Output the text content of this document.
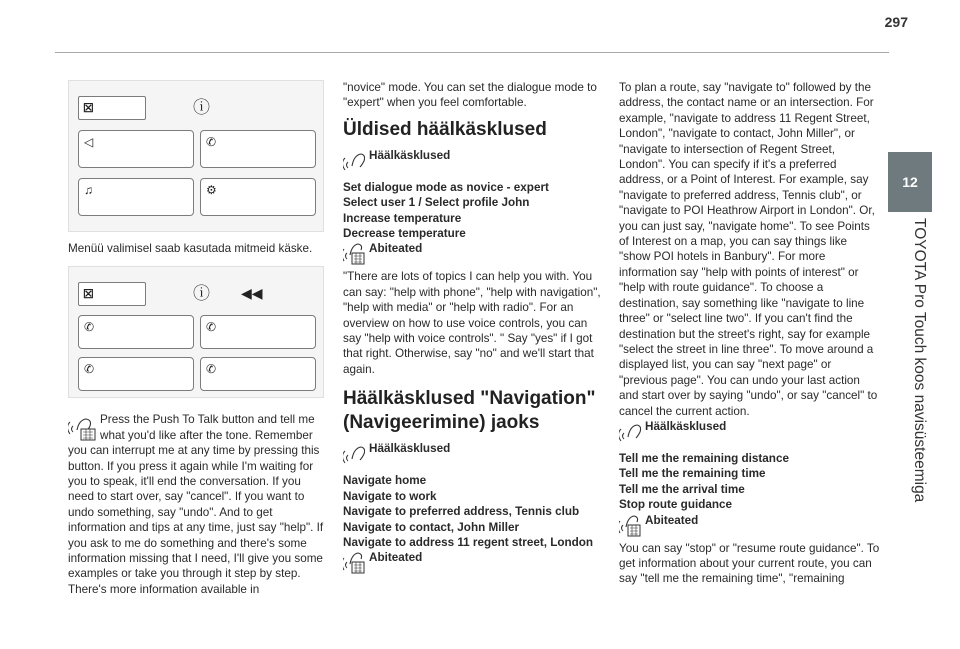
297
12
TOYOTA Pro Touch koos navisüsteemiga
☒	ⓘ
◁	✆
♫	⚙

Menüü valimisel saab kasutada mitmeid käske.

☒	ⓘ ◀◀
✆	✆
✆	✆

Press the Push To Talk button and tell me what you'd like after the tone. Remember you can interrupt me at any time by pressing this button. If you press it again while I'm waiting for you to speak, it'll end the conversation. If you need to start over, say "cancel". If you want to undo something, say "undo". And to get information and tips at any time, just say "help". If you ask to me do something and there's some information missing that I need, I'll give you some examples or take you through it step by step. There's more information available in

"novice" mode. You can set the dialogue mode to "expert" when you feel comfortable.

Üldised häälkäsklused
Häälkäsklused
Set dialogue mode as novice - expert
Select user 1 / Select profile John
Increase temperature
Decrease temperature
Abiteated

"There are lots of topics I can help you with. You can say: "help with phone", "help with navigation", "help with media" or "help with radio". For an overview on how to use voice controls, you can say "help with voice controls". " Say "yes" if I got that right. Otherwise, say "no" and we'll start that again.

Häälkäsklused "Navigation" (Navigeerimine) jaoks
Häälkäsklused
Navigate home
Navigate to work
Navigate to preferred address, Tennis club
Navigate to contact, John Miller
Navigate to address 11 regent street, London
Abiteated

To plan a route, say "navigate to" followed by the address, the contact name or an intersection. For example, "navigate to address 11 Regent Street, London", "navigate to contact, John Miller", or "navigate to intersection of Regent Street, London". You can specify if it's a preferred address, or a Point of Interest. For example, say "navigate to preferred address, Tennis club", or "navigate to POI Heathrow Airport in London". Or, you can just say, "navigate home". To see Points of Interest on a map, you can say things like "show POI hotels in Banbury". For more information say "help with points of interest" or "help with route guidance". To choose a destination, say something like "navigate to line three" or "select line two". If you can't find the destination but the street's right, say for example "select the street in line three". To move around a displayed list, you can say "next page" or "previous page". You can undo your last action and start over by saying "undo", or say "cancel" to cancel the current action.

Häälkäsklused
Tell me the remaining distance
Tell me the remaining time
Tell me the arrival time
Stop route guidance
Abiteated

You can say "stop" or "resume route guidance". To get information about your current route, you can say "tell me the remaining time", "remaining
